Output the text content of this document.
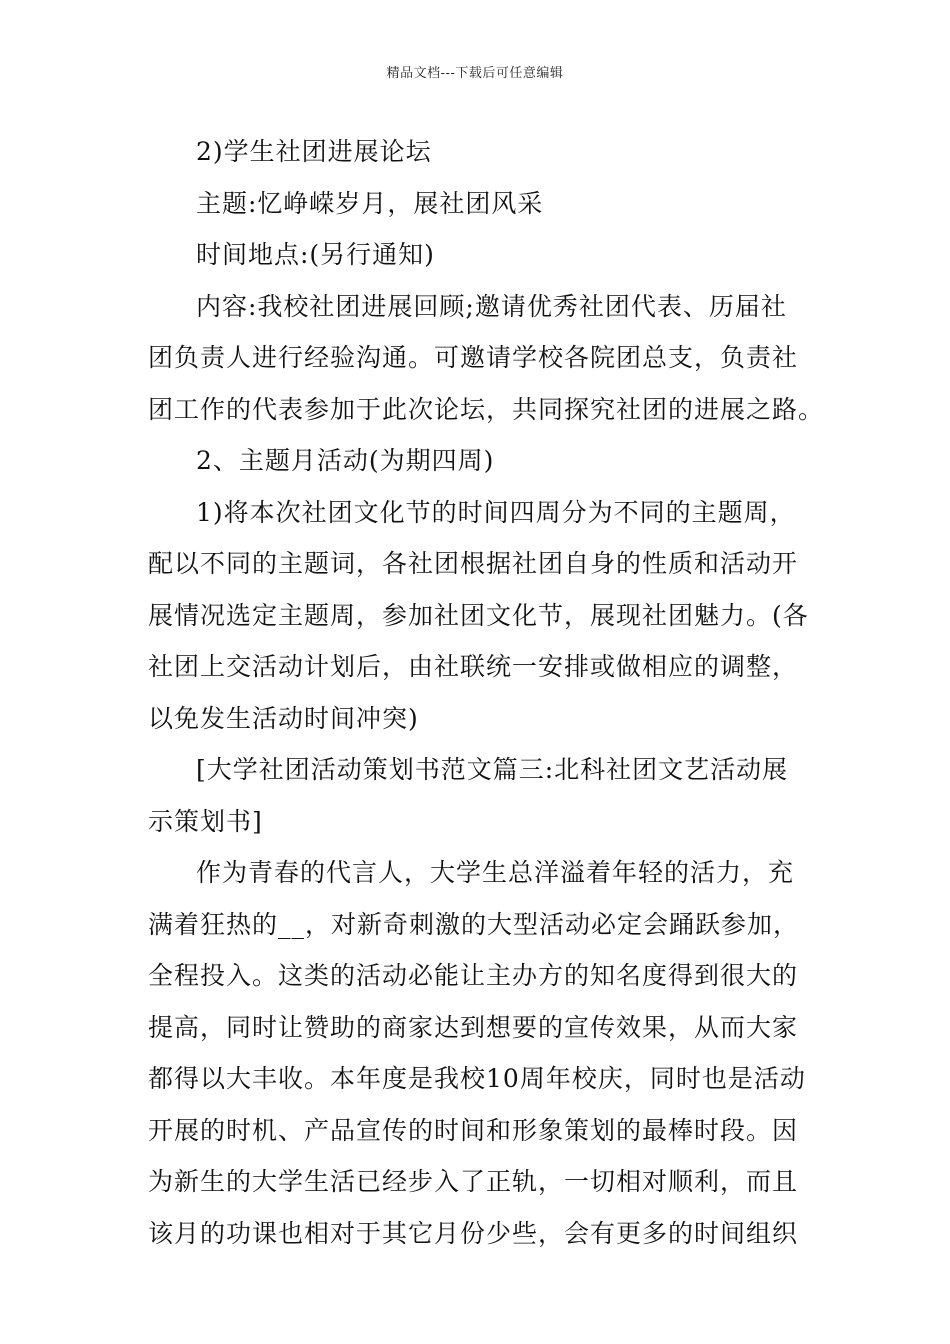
精品文档---下载后可任意编辑
2)学生社团进展论坛
主题:忆峥嵘岁月，展社团风采
时间地点:(另行通知)
内容:我校社团进展回顾;邀请优秀社团代表、历届社
团负责人进行经验沟通。可邀请学校各院团总支，负责社
团工作的代表参加于此次论坛，共同探究社团的进展之路。
2、主题月活动(为期四周)
1)将本次社团文化节的时间四周分为不同的主题周，
配以不同的主题词，各社团根据社团自身的性质和活动开
展情况选定主题周，参加社团文化节，展现社团魅力。(各
社团上交活动计划后，由社联统一安排或做相应的调整，
以免发生活动时间冲突)
[大学社团活动策划书范文篇三:北科社团文艺活动展
示策划书]
作为青春的代言人，大学生总洋溢着年轻的活力，充
满着狂热的__，对新奇刺激的大型活动必定会踊跃参加，
全程投入。这类的活动必能让主办方的知名度得到很大的
提高，同时让赞助的商家达到想要的宣传效果，从而大家
都得以大丰收。本年度是我校10周年校庆，同时也是活动
开展的时机、产品宣传的时间和形象策划的最棒时段。因
为新生的大学生活已经步入了正轨，一切相对顺利，而且
该月的功课也相对于其它月份少些，会有更多的时间组织
